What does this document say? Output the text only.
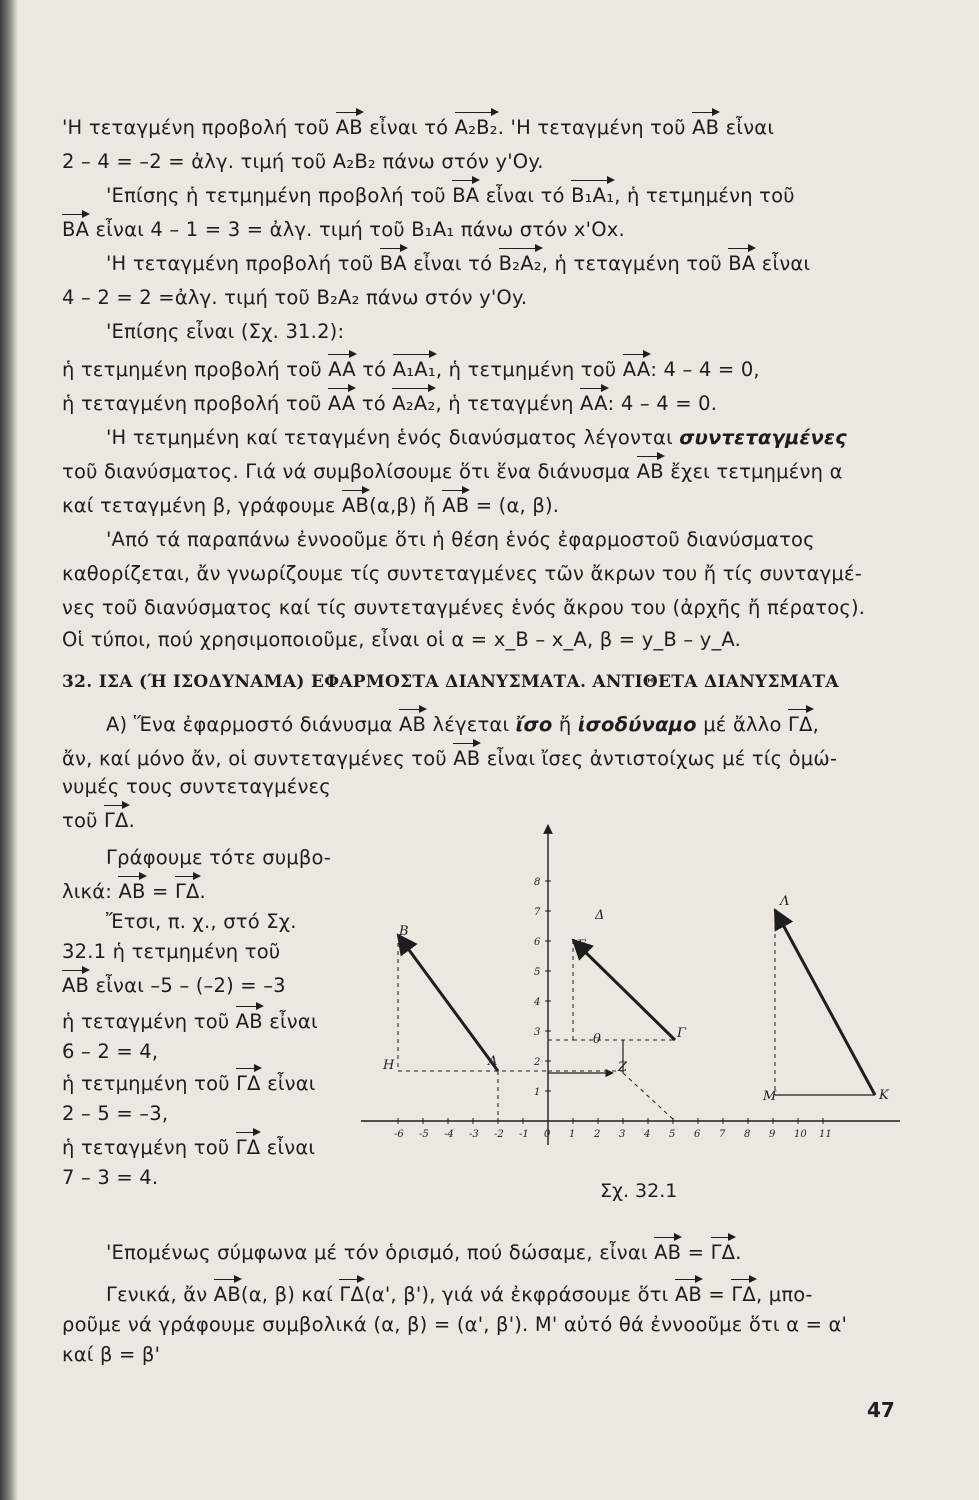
'Η τεταγμένη προβολή τοῦ AB εἶναι τό A₂B₂. 'Η τεταγμένη τοῦ AB εἶναι
2 – 4 = –2 = ἀλγ. τιμή τοῦ A₂B₂ πάνω στόν y'Oy.
'Επίσης ἡ τετμημένη προβολή τοῦ BA εἶναι τό B₁A₁, ἡ τετμημένη τοῦ
BA εἶναι 4 – 1 = 3 = ἀλγ. τιμή τοῦ B₁A₁ πάνω στόν x'Ox.
'Η τεταγμένη προβολή τοῦ BA εἶναι τό B₂A₂, ἡ τεταγμένη τοῦ BA εἶναι
4 – 2 = 2 =ἀλγ. τιμή τοῦ B₂A₂ πάνω στόν y'Oy.
'Επίσης εἶναι (Σχ. 31.2):
ἡ τετμημένη προβολή τοῦ AA τό A₁A₁, ἡ τετμημένη τοῦ AA: 4 – 4 = 0,
ἡ τεταγμένη προβολή τοῦ AA τό A₂A₂, ἡ τεταγμένη AA: 4 – 4 = 0.
'Η τετμημένη καί τεταγμένη ἑνός διανύσματος λέγονται συντεταγμένες
τοῦ διανύσματος. Γιά νά συμβολίσουμε ὅτι ἕνα διάνυσμα AB ἔχει τετμημένη α
καί τεταγμένη β, γράφουμε AB(α,β) ἤ AB = (α, β).
'Από τά παραπάνω ἐννοοῦμε ὅτι ἡ θέση ἑνός ἐφαρμοστοῦ διανύσματος
καθορίζεται, ἄν γνωρίζουμε τίς συντεταγμένες τῶν ἄκρων του ἤ τίς συνταγμέ-
νες τοῦ διανύσματος καί τίς συντεταγμένες ἑνός ἄκρου του (ἀρχῆς ἤ πέρατος).
Οἱ τύποι, πού χρησιμοποιοῦμε, εἶναι οἱ α = x_B – x_A, β = y_B – y_A.
32. ΙΣΑ (Ή ΙΣΟΔΥΝΑΜΑ) ΕΦΑΡΜΟΣΤΑ ΔΙΑΝΥΣΜΑΤΑ. ΑΝΤΙΘΕΤΑ ΔΙΑΝΥΣΜΑΤΑ
Α) Ἕνα ἐφαρμοστό διάνυσμα AB λέγεται ἴσο ἤ ἰσοδύναμο μέ ἄλλο ΓΔ,
ἄν, καί μόνο ἄν, οἱ συντεταγμένες τοῦ AB εἶναι ἴσες ἀντιστοίχως μέ τίς ὁμώ-
νυμές τους συντεταγμένες
τοῦ ΓΔ.
Γράφουμε τότε συμβο-
λικά: AB = ΓΔ.
Ἔτσι, π. χ., στό Σχ.
32.1 ἡ τετμημένη τοῦ
AB εἶναι –5 – (–2) = –3
ἡ τεταγμένη τοῦ AB εἶναι
6 – 2 = 4,
ἡ τετμημένη τοῦ ΓΔ εἶναι
2 – 5 = –3,
ἡ τεταγμένη τοῦ ΓΔ εἶναι
7 – 3 = 4.
Σχ. 32.1
'Επομένως σύμφωνα μέ τόν ὁρισμό, πού δώσαμε, εἶναι AB = ΓΔ.
Γενικά, ἄν AB(α, β) καί ΓΔ(α', β'), γιά νά ἐκφράσουμε ὅτι AB = ΓΔ, μπο-
ροῦμε νά γράφουμε συμβολικά (α, β) = (α', β'). Μ' αὐτό θά ἐννοοῦμε ὅτι α = α'
καί β = β'
47
-6 -5 -4 -3 -2 -1 0 1 2 3 4 5 6 7 8 9 10 11
1
2
3
4
5
6
7
8
B
A
H
Δ
E
Γ
Z
θ
Λ
M	K
